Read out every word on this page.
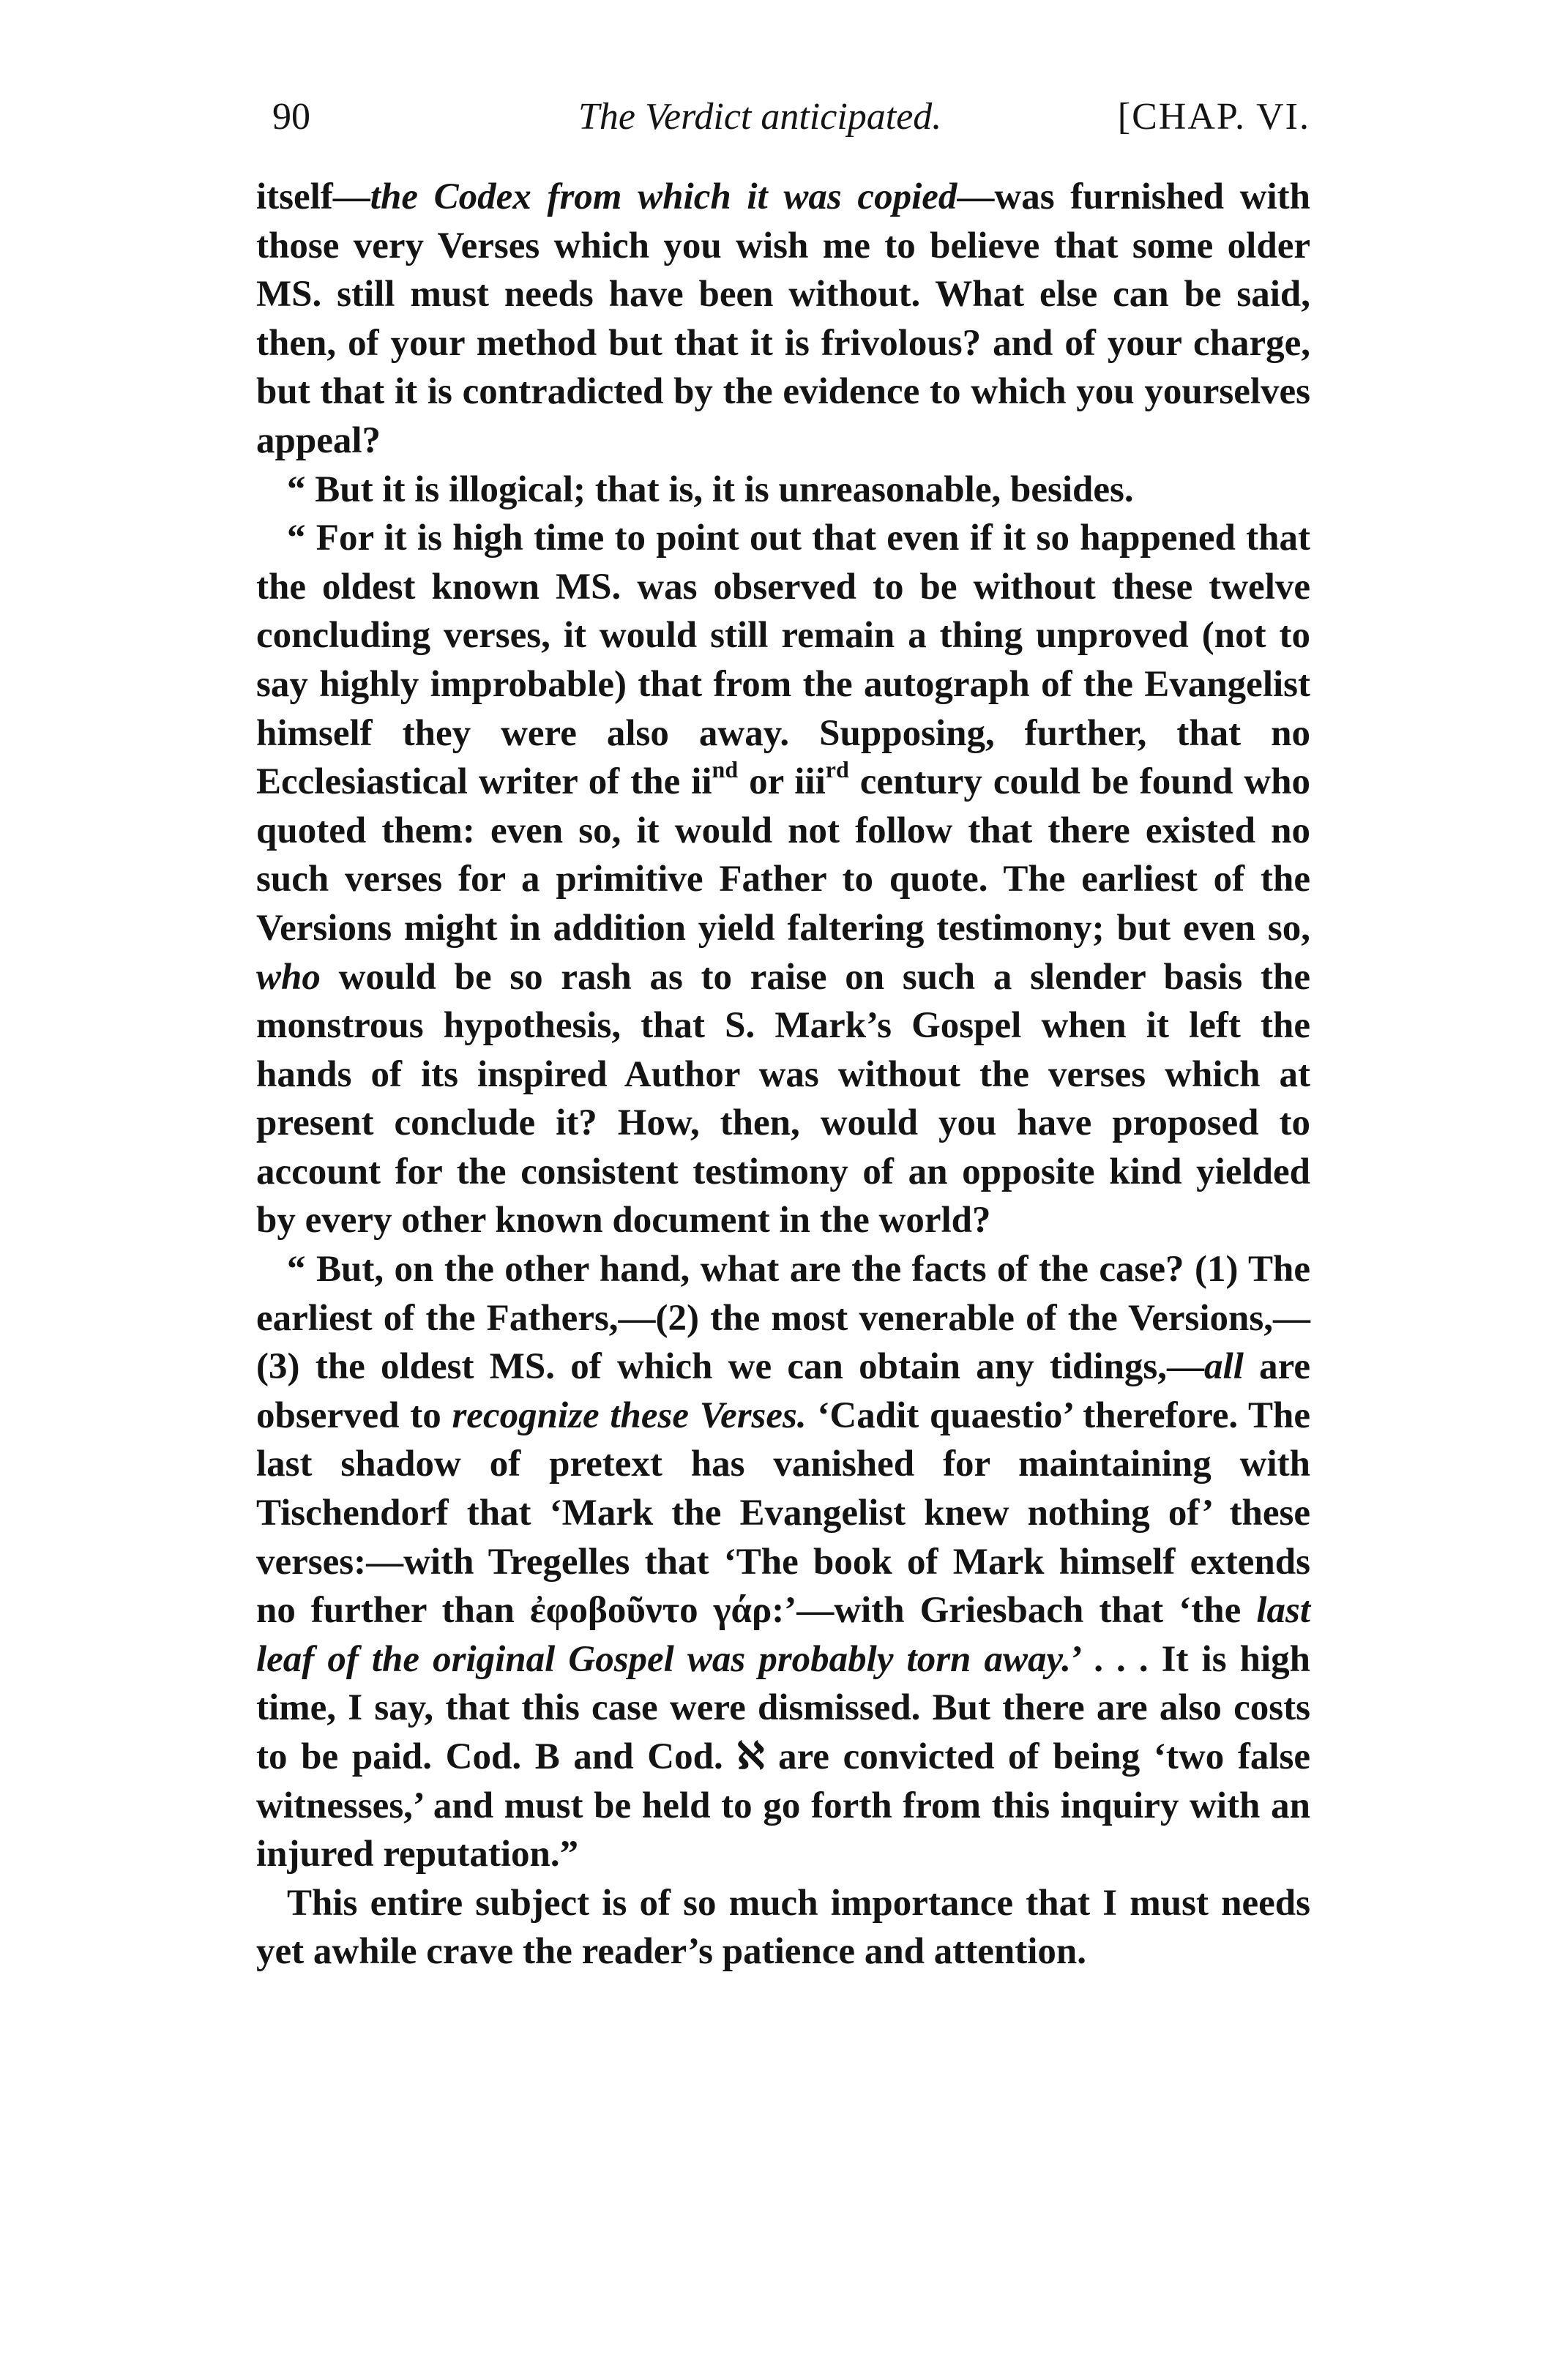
90	The Verdict anticipated.	[CHAP. VI.

itself—the Codex from which it was copied—was furnished with those very Verses which you wish me to believe that some older MS. still must needs have been without. What else can be said, then, of your method but that it is frivolous? and of your charge, but that it is contradicted by the evidence to which you yourselves appeal?

“ But it is illogical; that is, it is unreasonable, besides.

“ For it is high time to point out that even if it so happened that the oldest known MS. was observed to be without these twelve concluding verses, it would still remain a thing unproved (not to say highly improbable) that from the autograph of the Evangelist himself they were also away. Supposing, further, that no Ecclesiastical writer of the $ii^{nd}$ or iii$^{rd}$ century could be found who quoted them: even so, it would not follow that there existed no such verses for a primitive Father to quote. The earliest of the Versions might in addition yield faltering testimony; but even so, who would be so rash as to raise on such a slender basis the monstrous hypothesis, that S. Mark’s Gospel when it left the hands of its inspired Author was without the verses which at present conclude it? How, then, would you have proposed to account for the consistent testimony of an opposite kind yielded by every other known document in the world?

“ But, on the other hand, what are the facts of the case? (1) The earliest of the Fathers,—(2) the most venerable of the Versions,—(3) the oldest MS. of which we can obtain any tidings,—all are observed to recognize these Verses. ‘Cadit quaestio’ therefore. The last shadow of pretext has vanished for maintaining with Tischendorf that ‘Mark the Evangelist knew nothing of’ these verses:—with Tregelles that ‘The book of Mark himself extends no further than ἐφοβοῦντο γάρ:’—with Griesbach that ‘the last leaf of the original Gospel was probably torn away.’ . . . It is high time, I say, that this case were dismissed. But there are also costs to be paid. Cod. B and Cod. ℵ are convicted of being ‘two false witnesses,’ and must be held to go forth from this inquiry with an injured reputation.”

This entire subject is of so much importance that I must needs yet awhile crave the reader’s patience and attention.
